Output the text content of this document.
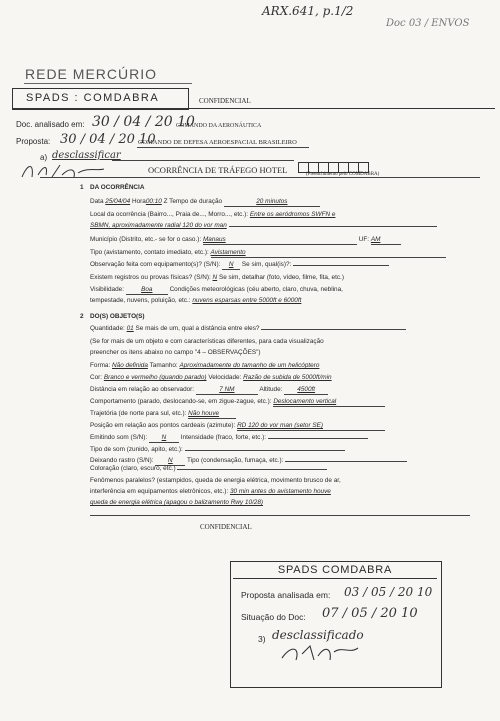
ARX.641, p.1/2
Doc 03 / ENVOS
REDE MERCÚRIO
SPADS : COMDABRA	CONFIDENCIAL
Doc. analisado em: 30 / 04 / 20 10
COMANDO DA AERONÁUTICA
Proposta: 30 / 04 / 20 10
COMANDO DE DEFESA AEROESPACIAL BRASILEIRO
a) desclassificar
OCORRÊNCIA DE TRÁFEGO HOTEL	(Preenchimento pelo COMDABRA)
1 DA OCORRÊNCIA
Data 25/04/04 Hora00:10 Z Tempo de duração	20 minutos
Local da ocorrência (Bairro..., Praia de..., Morro..., etc.): Entre os aeródromos SWFN e
SBMN, aproximadamente radial 120 do vor man
Município (Distrito, etc.- se for o caso.): Manaus	UF: AM
Tipo (avistamento, contato imediato, etc.): Avistamento
Observação feita com equipamento(s)? (S/N): N Se sim, qual(is)?:
Existem registros ou provas físicas? (S/N): N Se sim, detalhar (foto, vídeo, filme, fita, etc.)
Visibilidade:	Boa	Condições meteorológicas (céu aberto, claro, chuva, neblina,
tempestade, nuvens, poluição, etc.: nuvens esparsas entre 5000ft e 6000ft
2 DO(S) OBJETO(S)
Quantidade: 01 Se mais de um, qual a distância entre eles?
(Se for mais de um objeto e com características diferentes, para cada visualização
preencher os itens abaixo no campo "4 – OBSERVAÇÕES")
Forma: Não definida Tamanho: Aproximadamente do tamanho de um helicóptero
Cor: Branco e vermelho (quando parado) Velocidade: Razão de subida de 5000ft/min
Distância em relação ao observador:	7 NM	Altitude: 4500ft
Comportamento (parado, deslocando-se, em zigue-zague, etc.): Deslocamento vertical
Trajetória (de norte para sul, etc.): Não houve
Posição em relação aos pontos cardeais (azimute): RD 120 do vor man (setor SE)
Emitindo som (S/N): N Intensidade (fraco, forte, etc.):
Tipo de som (zunido, apito, etc.):
Deixando rastro (S/N): N Tipo (condensação, fumaça, etc.):
Coloração (claro, escuro, etc.)
Fenômenos paralelos? (estampidos, queda de energia elétrica, movimento brusco de ar,
interferência em equipamentos eletrônicos, etc.): 30 min antes do avistamento houve
queda de energia elétrica (apagou o balizamento Rwy 10/28)
CONFIDENCIAL
SPADS COMDABRA
Proposta analisada em: 03 / 05 / 20 10
Situação do Doc: 07 / 05 / 20 10
3) desclassificado
